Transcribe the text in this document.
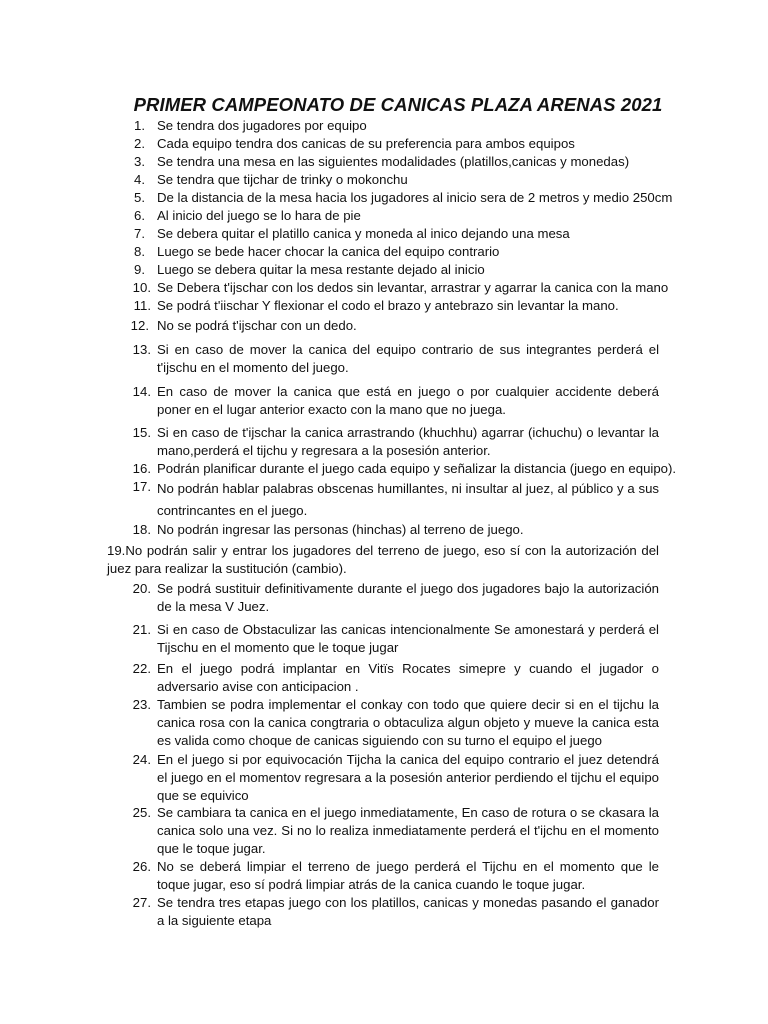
PRIMER CAMPEONATO DE CANICAS PLAZA ARENAS 2021
1. Se tendra dos jugadores por equipo
2. Cada equipo tendra dos canicas de su preferencia para ambos equipos
3. Se tendra una mesa en las siguientes modalidades (platillos,canicas y monedas)
4. Se tendra que tijchar de trinky o mokonchu
5. De la distancia de la mesa hacia los jugadores al inicio sera de 2 metros y medio 250cm
6. Al inicio del juego se lo hara de pie
7. Se debera quitar el platillo canica y moneda al inico dejando una mesa
8. Luego se bede hacer chocar la canica del equipo contrario
9. Luego se debera quitar la mesa restante dejado al inicio
10. Se Debera t'ijschar con los dedos sin levantar, arrastrar y agarrar la canica con la mano
11. Se podrá t'iischar Y flexionar el codo el brazo y antebrazo sin levantar la mano.
12. No se podrá t'ijschar con un dedo.
13. Si en caso de mover la canica del equipo contrario de sus integrantes perderá el t'ijschu en el momento del juego.
14. En caso de mover la canica que está en juego o por cualquier accidente deberá poner en el lugar anterior exacto con la mano que no juega.
15. Si en caso de t'ijschar la canica arrastrando (khuchhu) agarrar (ichuchu) o levantar la mano,perderá el tijchu y regresara a la posesión anterior.
16. Podrán planificar durante el juego cada equipo y señalizar la distancia (juego en equipo).
17. No podrán hablar palabras obscenas humillantes, ni insultar al juez, al público y a sus contrincantes en el juego.
18. No podrán ingresar las personas (hinchas) al terreno de juego.
19.No podrán salir y entrar los jugadores del terreno de juego, eso sí con la autorización del juez para realizar la sustitución (cambio).
20. Se podrá sustituir definitivamente durante el juego dos jugadores bajo la autorización de la mesa V Juez.
21. Si en caso de Obstaculizar las canicas intencionalmente Se amonestará y perderá el Tijschu en el momento que le toque jugar
22. En el juego podrá implantar en Vitïs Rocates simepre y cuando el jugador o adversario avise con anticipacion .
23. Tambien se podra implementar el conkay con todo que quiere decir si en el tijchu la canica rosa con la canica congtraria o obtaculiza algun objeto y mueve la canica esta es valida como choque de canicas siguiendo con su turno el equipo el juego
24. En el juego si por equivocación Tijcha la canica del equipo contrario el juez detendrá el juego en el momentov regresara a la posesión anterior perdiendo el tijchu el equipo que se equivico
25. Se cambiara ta canica en el juego inmediatamente, En caso de rotura o se ckasara la canica solo una vez. Si no lo realiza inmediatamente perderá el t'ijchu en el momento que le toque jugar.
26. No se deberá limpiar el terreno de juego perderá el Tijchu en el momento que le toque jugar, eso sí podrá limpiar atrás de la canica cuando le toque jugar.
27. Se tendra tres etapas juego con los platillos, canicas y monedas pasando el ganador a la siguiente etapa
